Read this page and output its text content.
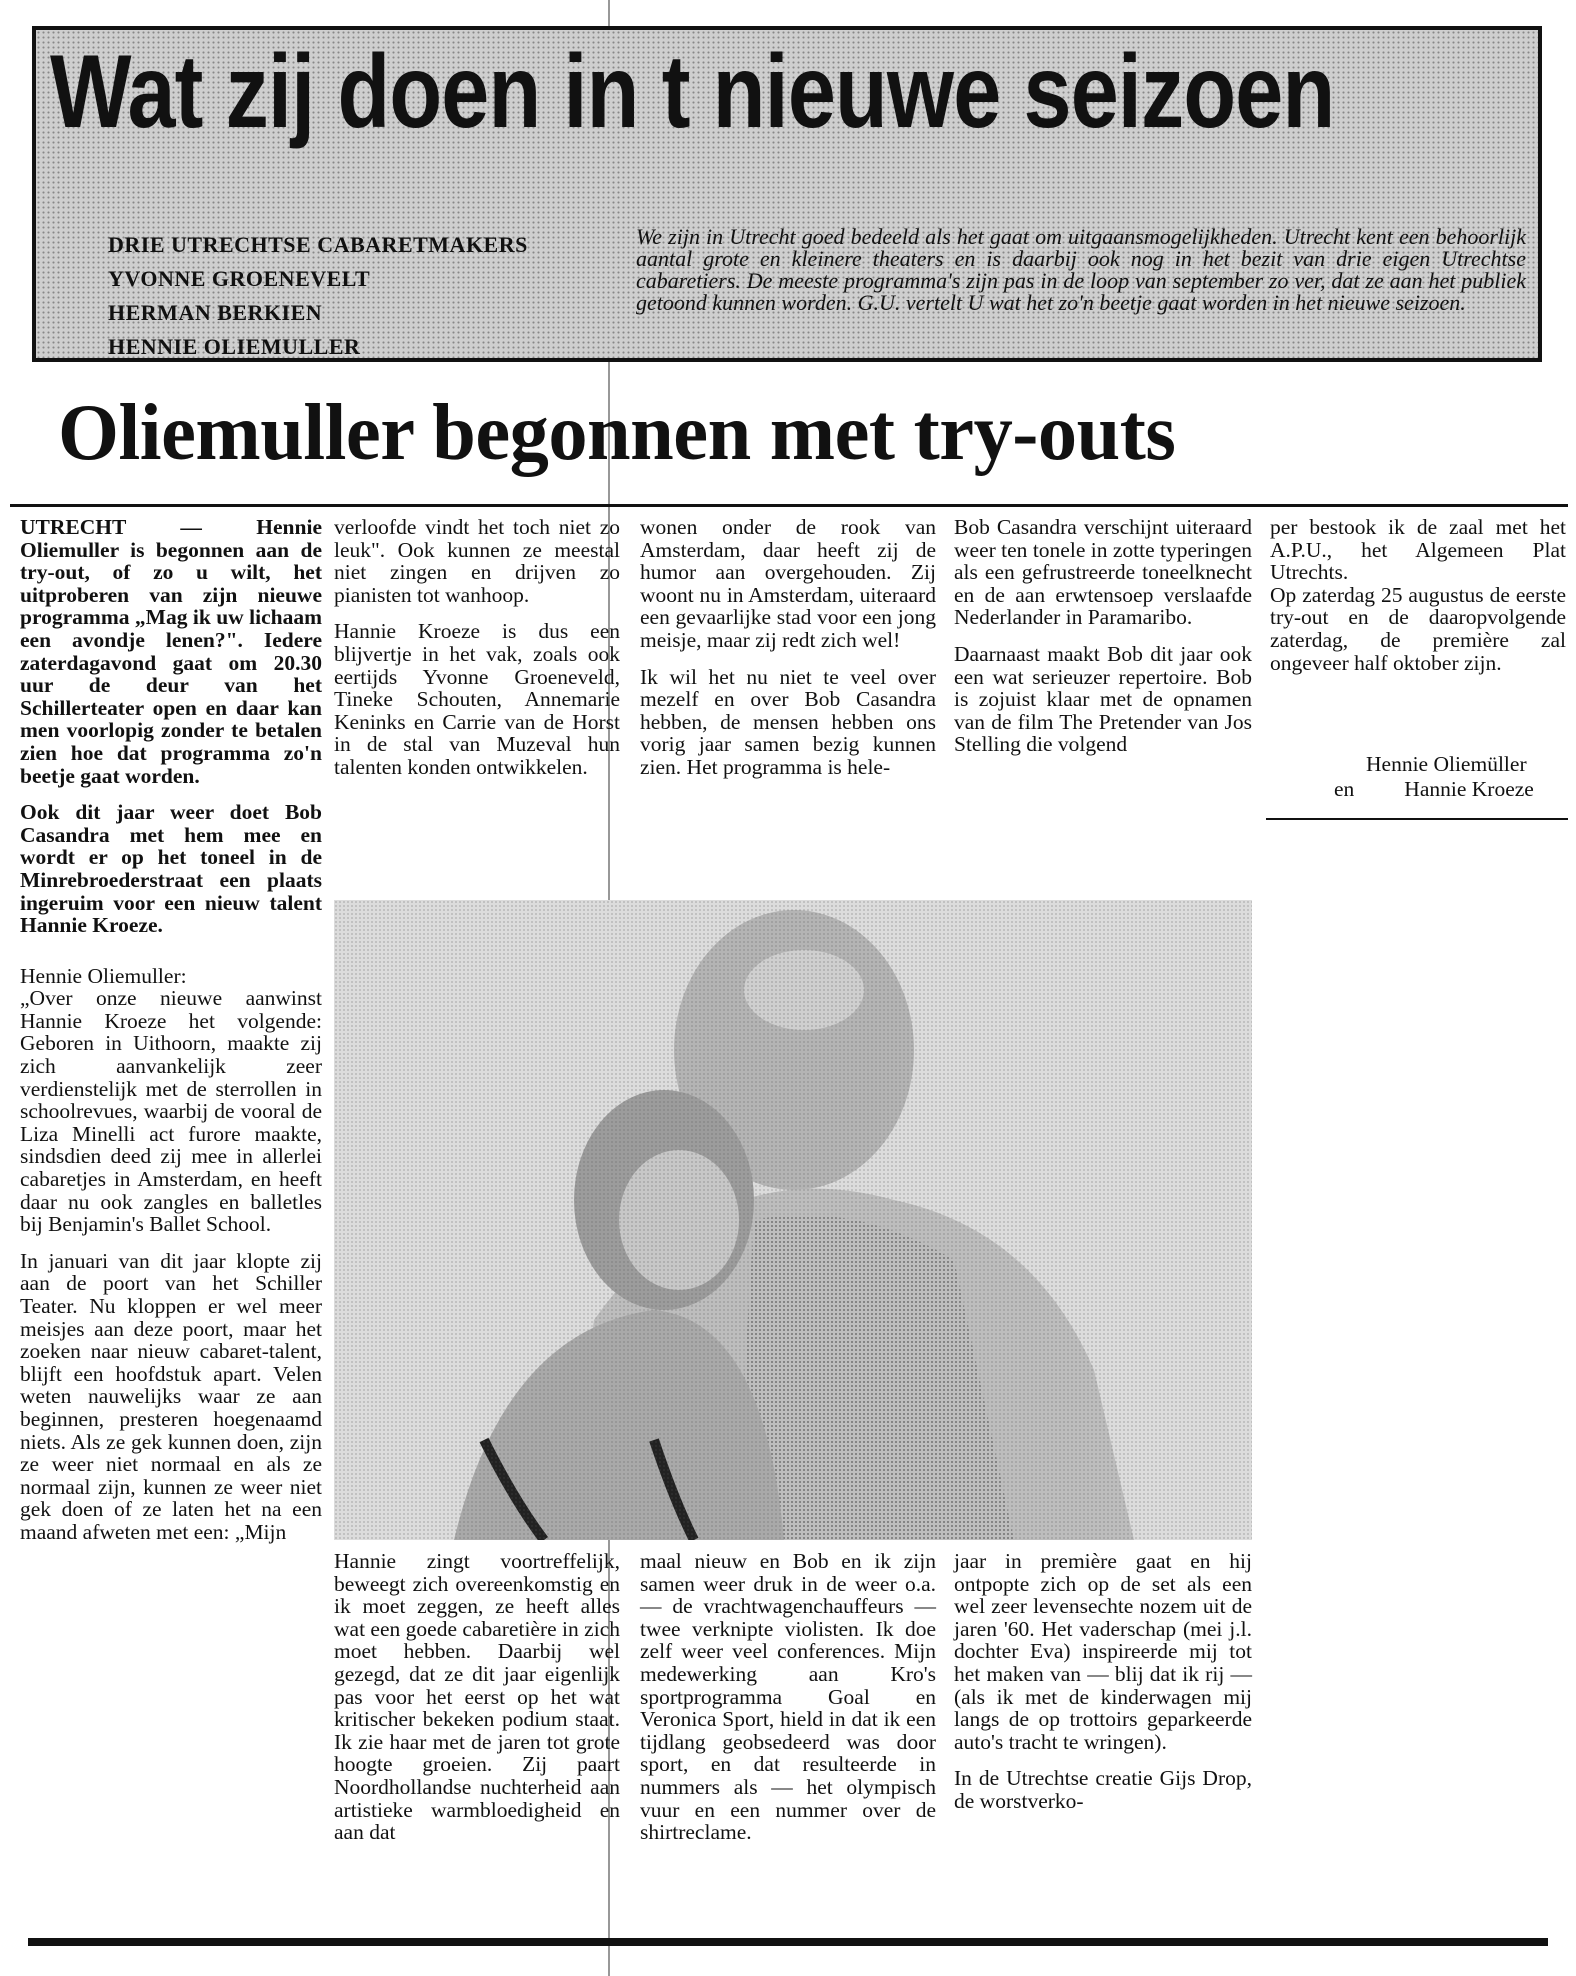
Wat zij doen in t nieuwe seizoen
DRIE UTRECHTSE CABARETMAKERS
YVONNE GROENEVELT
HERMAN BERKIEN
HENNIE OLIEMULLER

We zijn in Utrecht goed bedeeld als het gaat om uitgaansmogelijkheden. Utrecht kent een behoorlijk aantal grote en kleinere theaters en is daarbij ook nog in het bezit van drie eigen Utrechtse cabaretiers. De meeste programma's zijn pas in de loop van september zo ver, dat ze aan het publiek getoond kunnen worden. G.U. vertelt U wat het zo'n beetje gaat worden in het nieuwe seizoen.

Oliemuller begonnen met try-outs

UTRECHT — Hennie Oliemuller is begonnen aan de try-out, of zo u wilt, het uitproberen van zijn nieuwe programma „Mag ik uw lichaam een avondje lenen?". Iedere zaterdagavond gaat om 20.30 uur de deur van het Schillerteater open en daar kan men voorlopig zonder te betalen zien hoe dat programma zo'n beetje gaat worden.

Ook dit jaar weer doet Bob Casandra met hem mee en wordt er op het toneel in de Minrebroederstraat een plaats ingeruim voor een nieuw talent Hannie Kroeze.

Hennie Oliemuller:

„Over onze nieuwe aanwinst Hannie Kroeze het volgende: Geboren in Uithoorn, maakte zij zich aanvankelijk zeer verdienstelijk met de sterrollen in schoolrevues, waarbij de vooral de Liza Minelli act furore maakte, sindsdien deed zij mee in allerlei cabaretjes in Amsterdam, en heeft daar nu ook zangles en balletles bij Benjamin's Ballet School.

In januari van dit jaar klopte zij aan de poort van het Schiller Teater. Nu kloppen er wel meer meisjes aan deze poort, maar het zoeken naar nieuw cabaret-talent, blijft een hoofdstuk apart. Velen weten nauwelijks waar ze aan beginnen, presteren hoegenaamd niets. Als ze gek kunnen doen, zijn ze weer niet normaal en als ze normaal zijn, kunnen ze weer niet gek doen of ze laten het na een maand afweten met een: „Mijn

verloofde vindt het toch niet zo leuk". Ook kunnen ze meestal niet zingen en drijven zo pianisten tot wanhoop.

Hannie Kroeze is dus een blijvertje in het vak, zoals ook eertijds Yvonne Groeneveld, Tineke Schouten, Annemarie Keninks en Carrie van de Horst in de stal van Muzeval hun talenten konden ontwikkelen.

wonen onder de rook van Amsterdam, daar heeft zij de humor aan overgehouden. Zij woont nu in Amsterdam, uiteraard een gevaarlijke stad voor een jong meisje, maar zij redt zich wel!

Ik wil het nu niet te veel over mezelf en over Bob Casandra hebben, de mensen hebben ons vorig jaar samen bezig kunnen zien. Het programma is hele-

Bob Casandra verschijnt uiteraard weer ten tonele in zotte typeringen als een gefrustreerde toneelknecht en de aan erwtensoep verslaafde Nederlander in Paramaribo.

Daarnaast maakt Bob dit jaar ook een wat serieuzer repertoire. Bob is zojuist klaar met de opnamen van de film The Pretender van Jos Stelling die volgend

per bestook ik de zaal met het A.P.U., het Algemeen Plat Utrechts.

Op zaterdag 25 augustus de eerste try-out en de daaropvolgende zaterdag, de première zal ongeveer half oktober zijn.

Hennie Oliemüller
en Hannie Kroeze

Hannie zingt voortreffelijk, beweegt zich overeenkomstig en ik moet zeggen, ze heeft alles wat een goede cabaretière in zich moet hebben. Daarbij wel gezegd, dat ze dit jaar eigenlijk pas voor het eerst op het wat kritischer bekeken podium staat. Ik zie haar met de jaren tot grote hoogte groeien. Zij paart Noordhollandse nuchterheid aan artistieke warmbloedigheid en aan dat

maal nieuw en Bob en ik zijn samen weer druk in de weer o.a. — de vrachtwagenchauffeurs — twee verknipte violisten. Ik doe zelf weer veel conferences. Mijn medewerking aan Kro's sportprogramma Goal en Veronica Sport, hield in dat ik een tijdlang geobsedeerd was door sport, en dat resulteerde in nummers als — het olympisch vuur en een nummer over de shirtreclame.

jaar in première gaat en hij ontpopte zich op de set als een wel zeer levensechte nozem uit de jaren '60. Het vaderschap (mei j.l. dochter Eva) inspireerde mij tot het maken van — blij dat ik rij — (als ik met de kinderwagen mij langs de op trottoirs geparkeerde auto's tracht te wringen).

In de Utrechtse creatie Gijs Drop, de worstverko-
